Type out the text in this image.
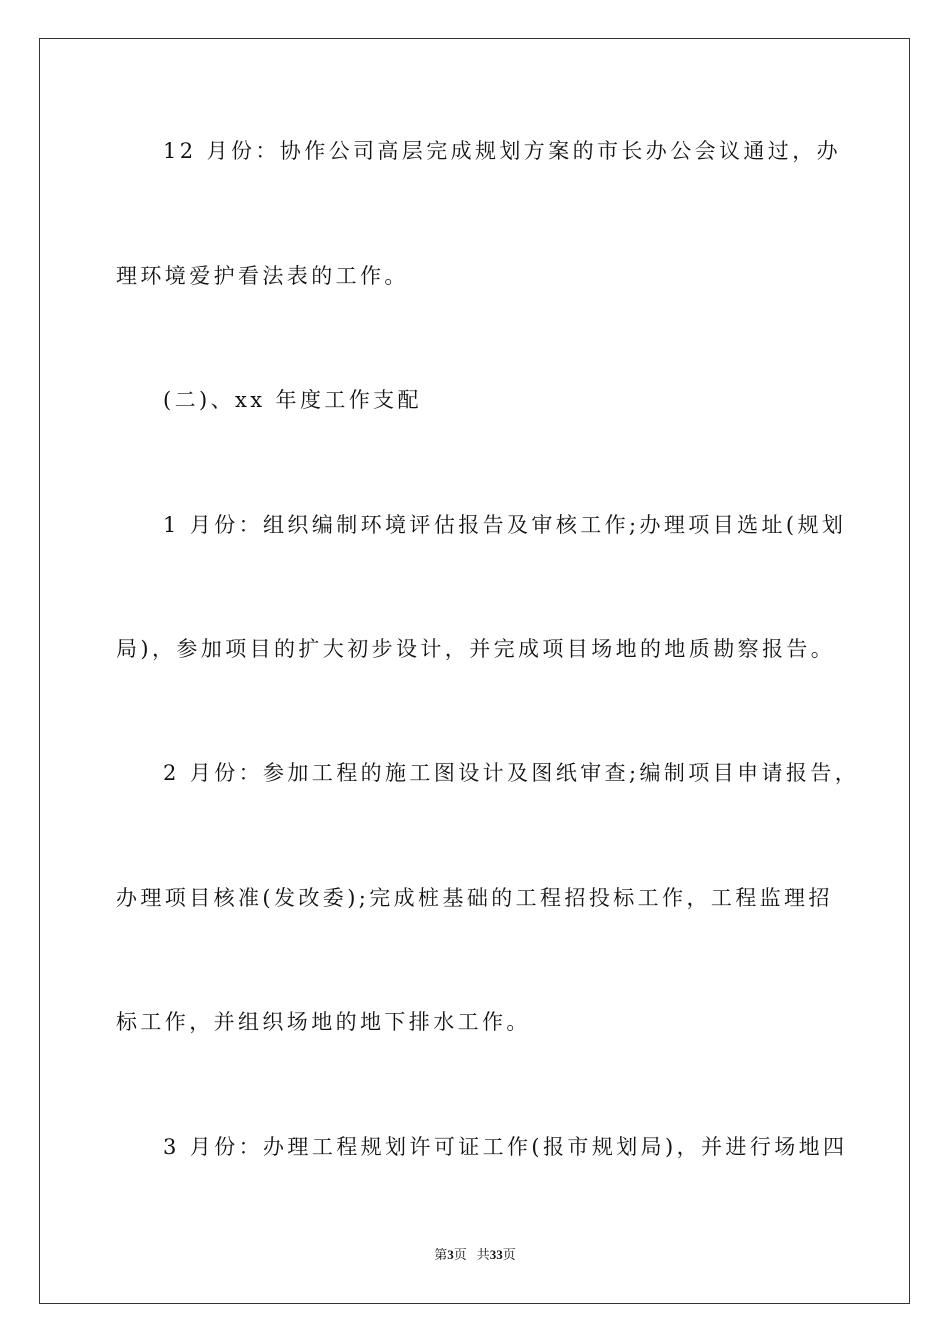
12 月份：协作公司高层完成规划方案的市长办公会议通过，办
理环境爱护看法表的工作。
(二)、xx 年度工作支配
1 月份：组织编制环境评估报告及审核工作;办理项目选址(规划
局)，参加项目的扩大初步设计，并完成项目场地的地质勘察报告。
2 月份：参加工程的施工图设计及图纸审查;编制项目申请报告，
办理项目核准(发改委);完成桩基础的工程招投标工作，工程监理招
标工作，并组织场地的地下排水工作。
3 月份：办理工程规划许可证工作(报市规划局)，并进行场地四
第3页 共33页
